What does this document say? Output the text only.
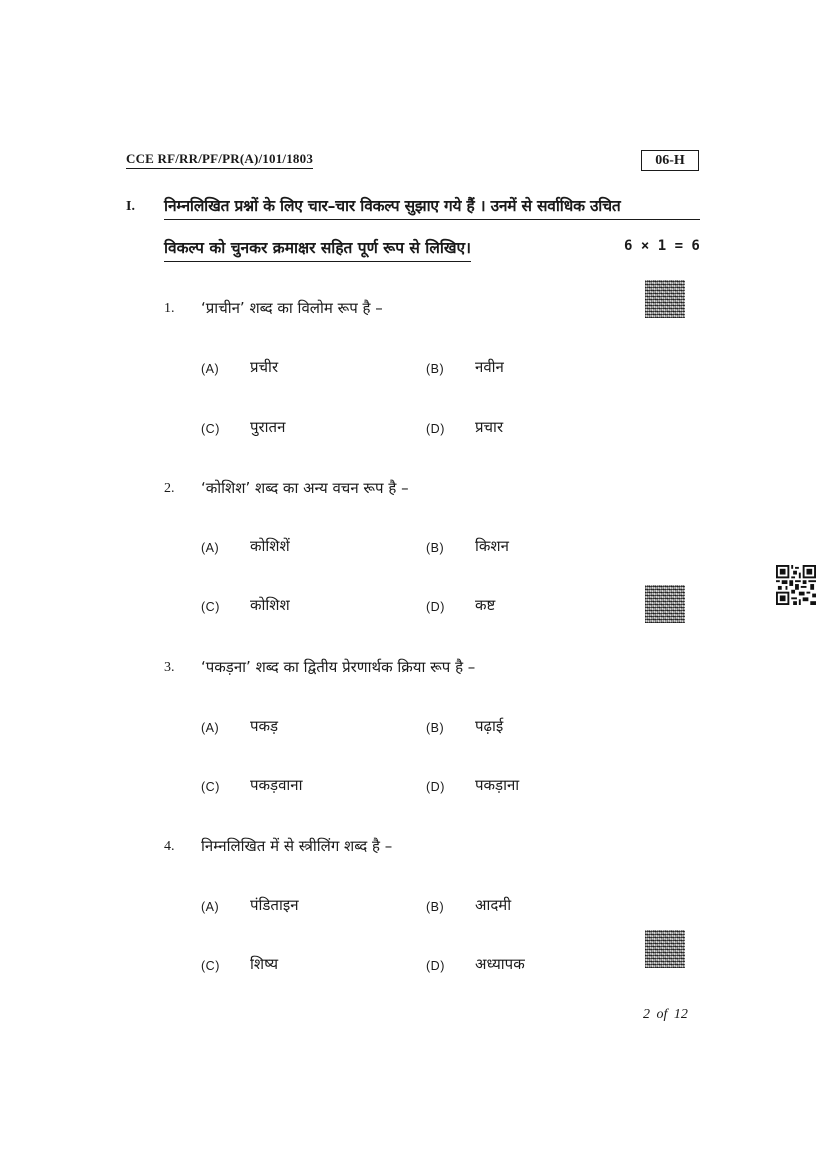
CCE RF/RR/PF/PR(A)/101/1803	06-H
I. निम्नलिखित प्रश्नों के लिए चार–चार विकल्प सुझाए गये हैं । उनमें से सर्वाधिक उचित
विकल्प को चुनकर क्रमाक्षर सहित पूर्ण रूप से लिखिए।	6 × 1 = 6
1. ‘प्राचीन’ शब्द का विलोम रूप है –
(A) प्रचीर	(B) नवीन
(C) पुरातन	(D) प्रचार
2. ‘कोशिश’ शब्द का अन्य वचन रूप है –
(A) कोशिशें	(B) किशन
(C) कोशिश	(D) कष्ट
3. ‘पकड़ना’ शब्द का द्वितीय प्रेरणार्थक क्रिया रूप है –
(A) पकड़	(B) पढ़ाई
(C) पकड़वाना	(D) पकड़ाना
4. निम्नलिखित में से स्त्रीलिंग शब्द है –
(A) पंडिताइन	(B) आदमी
(C) शिष्य	(D) अध्यापक
2 of 12
